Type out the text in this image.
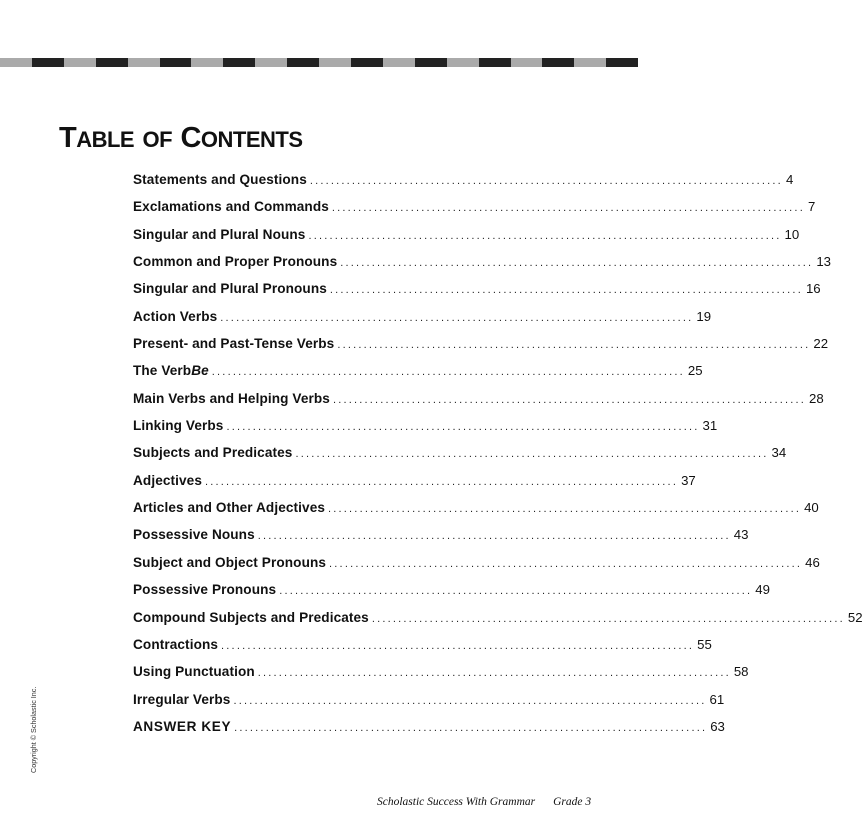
TABLE OF CONTENTS
Statements and Questions .......................................................................................... 4
Exclamations and Commands .......................................................................................... 7
Singular and Plural Nouns .......................................................................................... 10
Common and Proper Pronouns .......................................................................................... 13
Singular and Plural Pronouns .......................................................................................... 16
Action Verbs .......................................................................................... 19
Present- and Past-Tense Verbs .......................................................................................... 22
The Verb Be .......................................................................................... 25
Main Verbs and Helping Verbs .......................................................................................... 28
Linking Verbs .......................................................................................... 31
Subjects and Predicates .......................................................................................... 34
Adjectives .......................................................................................... 37
Articles and Other Adjectives .......................................................................................... 40
Possessive Nouns .......................................................................................... 43
Subject and Object Pronouns .......................................................................................... 46
Possessive Pronouns .......................................................................................... 49
Compound Subjects and Predicates .......................................................................................... 52
Contractions .......................................................................................... 55
Using Punctuation .......................................................................................... 58
Irregular Verbs .......................................................................................... 61
ANSWER KEY .......................................................................................... 63
Copyright © Scholastic Inc.
Scholastic Success With Grammar Grade 3
